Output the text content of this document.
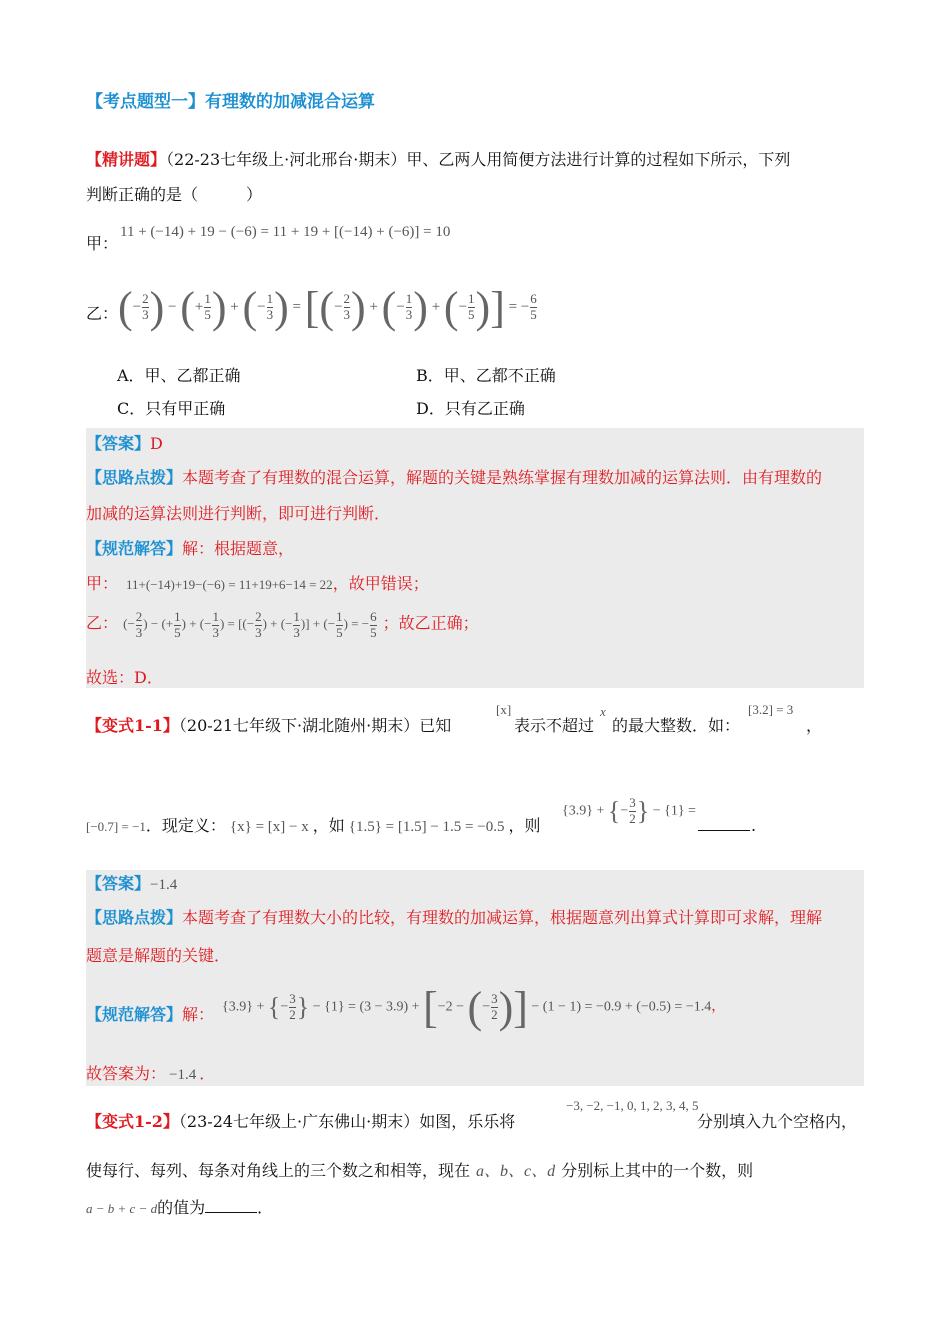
【考点题型一】有理数的加减混合运算
【精讲题】（22-23七年级上·河北邢台·期末）甲、乙两人用简便方法进行计算的过程如下所示，下列
判断正确的是（　　　）
甲：
11 + (−14) + 19 − (−6) = 11 + 19 + [(−14) + (−6)] = 10
乙： (− $\frac{2}{3}$ ) − (+ $\frac{1}{5}$ ) + (− $\frac{1}{3}$ ) = [(− $\frac{2}{3}$ ) + (− $\frac{1}{3}$ ) + (− $\frac{1}{5}$ )] = − $\frac{6}{5}$
A．甲、乙都正确	B．甲、乙都不正确
C．只有甲正确	D．只有乙正确
【答案】D
【思路点拨】本题考查了有理数的混合运算，解题的关键是熟练掌握有理数加减的运算法则．由有理数的
加减的运算法则进行判断，即可进行判断．
【规范解答】解：根据题意，
甲： 11+(−14)+19−(−6) = 11+19+6−14 = 22，故甲错误；
乙： (− $\frac{2}{3}$ ) − (+ $\frac{1}{5}$ ) + (− $\frac{1}{3}$ ) = [(− $\frac{2}{3}$ ) + (− $\frac{1}{3}$ )] + (− $\frac{1}{5}$ ) = − $\frac{6}{5}$ ；故乙正确；
故选：D．
【变式1-1】（20-21七年级下·湖北随州·期末）已知
[x]
表示不超过
x
的最大整数．如：
[3.2] = 3
，
[−0.7] = −1．现定义： {x} = [x] − x ，如 {1.5} = [1.5] − 1.5 = −0.5 ，则
{3.9} + {− $\frac{3}{2}$ } − {1} =
.
【答案】−1.4
【思路点拨】本题考查了有理数大小的比较，有理数的加减运算，根据题意列出算式计算即可求解，理解
题意是解题的关键．
【规范解答】解： {3.9} + {− $\frac{3}{2}$ } − {1} = (3 − 3.9) + [−2 − (− $\frac{3}{2}$ )] − (1 − 1) = −0.9 + (−0.5) = −1.4，
故答案为： −1.4 ．
【变式1-2】（23-24七年级上·广东佛山·期末）如图，乐乐将
−3, −2, −1, 0, 1, 2, 3, 4, 5
分别填入九个空格内，
使每行、每列、每条对角线上的三个数之和相等，现在 a、b、c、d 分别标上其中的一个数，则
a − b + c − d的值为	．
